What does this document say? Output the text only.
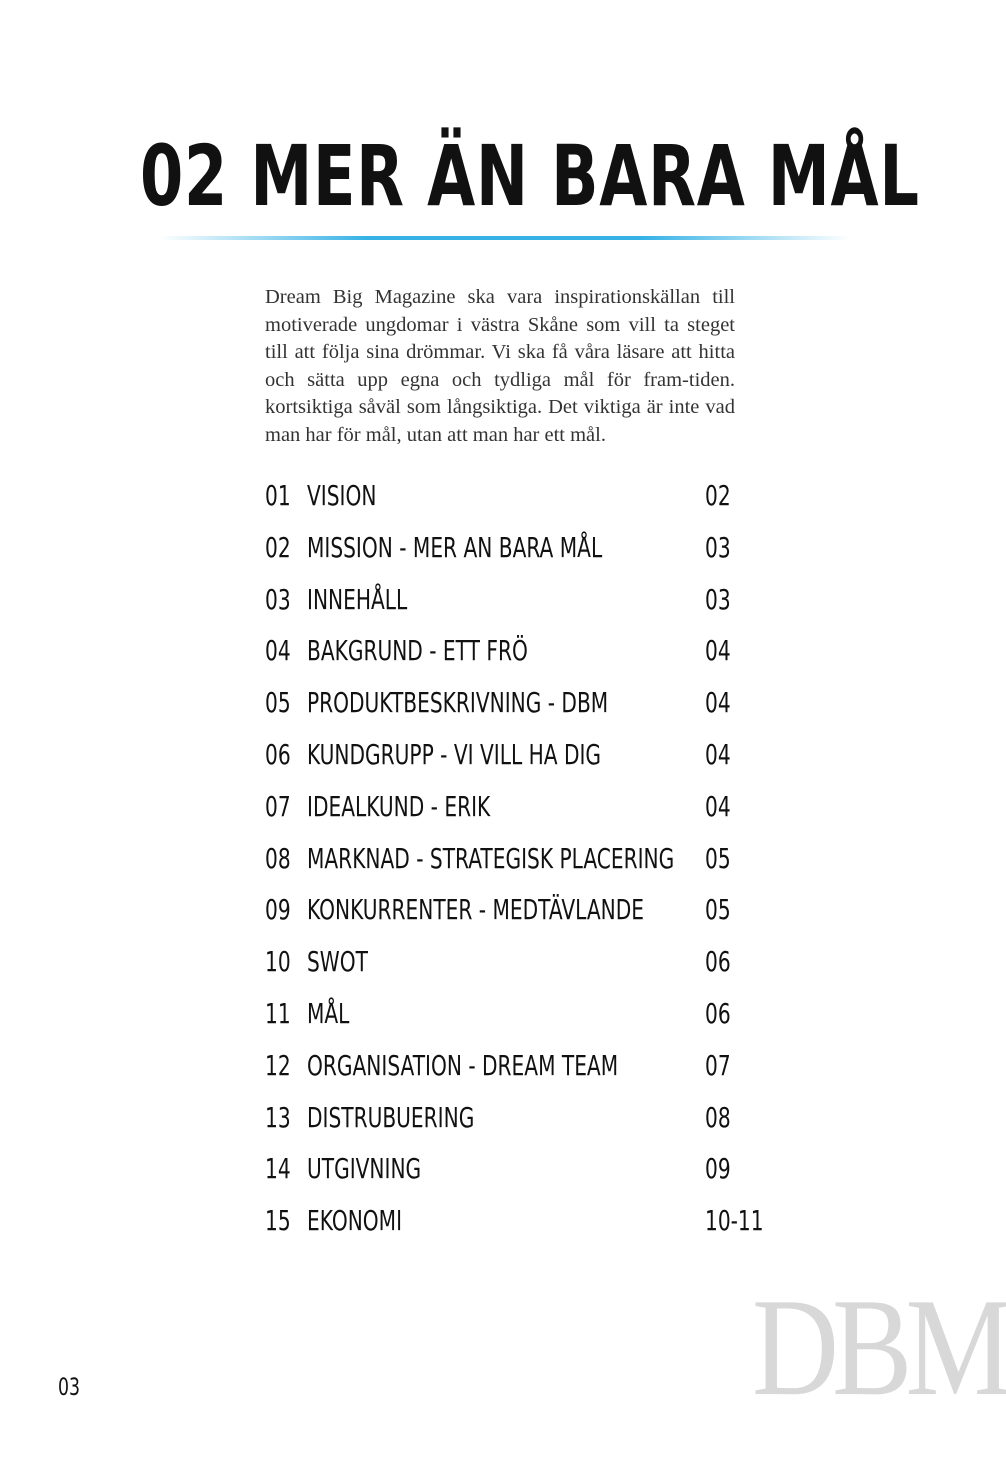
02 MER ÄN BARA MÅL

Dream Big Magazine ska vara inspirationskällan till motiverade ungdomar i västra Skåne som vill ta steget till att följa sina drömmar. Vi ska få våra läsare att hitta och sätta upp egna och tydliga mål för fram-tiden. kortsiktiga såväl som långsiktiga. Det viktiga är inte vad man har för mål, utan att man har ett mål.

01 VISION	02
02 MISSION - MER AN BARA MÅL	03
03 INNEHÅLL	03
04 BAKGRUND - ETT FRÖ	04
05 PRODUKTBESKRIVNING - DBM	04
06 KUNDGRUPP - VI VILL HA DIG	04
07 IDEALKUND - ERIK	04
08 MARKNAD - STRATEGISK PLACERING 05
09 KONKURRENTER - MEDTÄVLANDE 05
10 SWOT	06
11 MÅL	06
12 ORGANISATION - DREAM TEAM	07
13 DISTRUBUERING	08
14 UTGIVNING	09
15 EKONOMI	10-11
DBM
03
